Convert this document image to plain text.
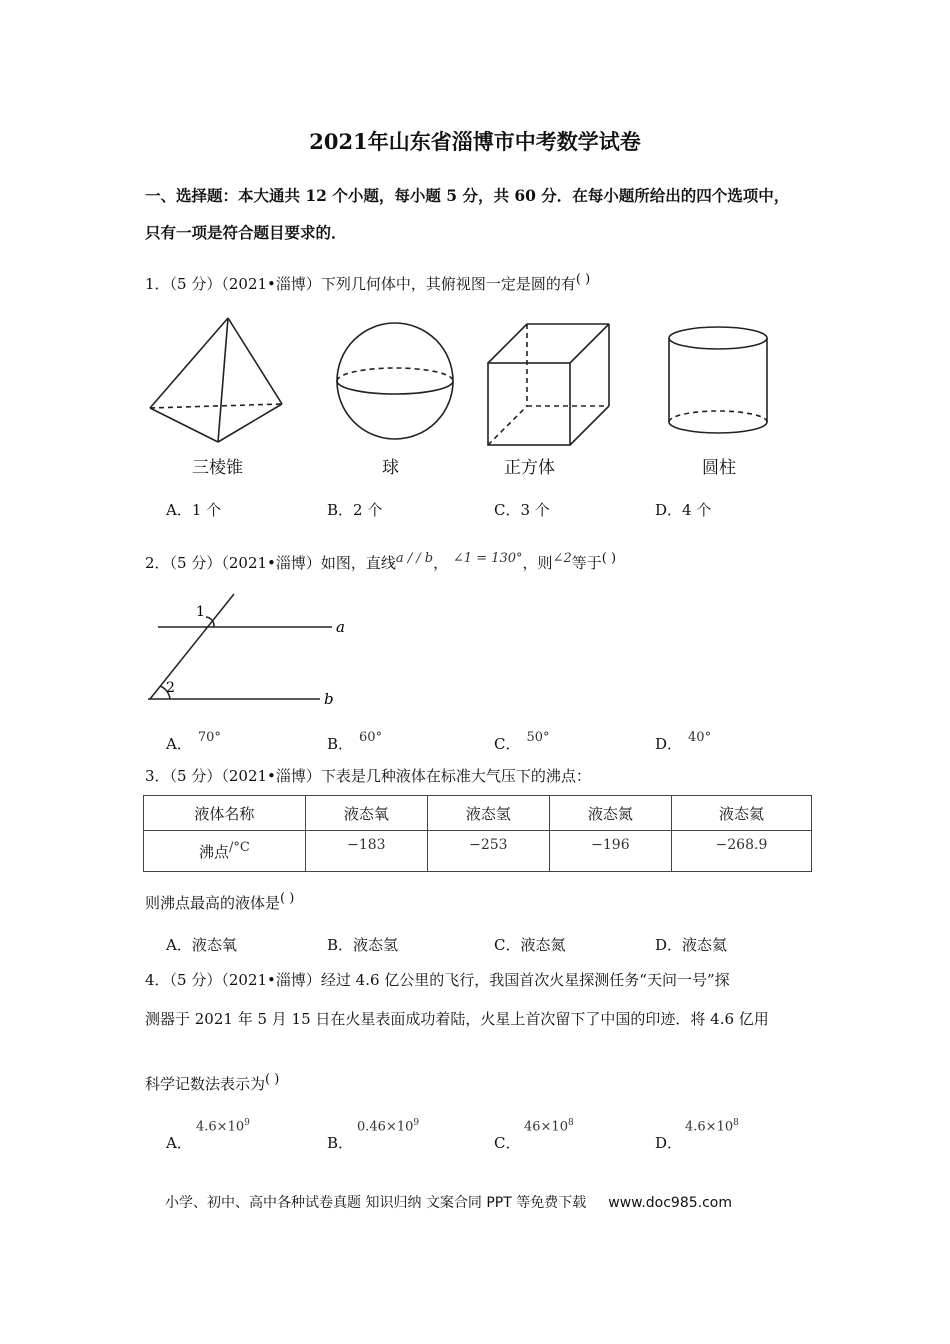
2021年山东省淄博市中考数学试卷
一、选择题：本大通共 12 个小题，每小题 5 分，共 60 分．在每小题所给出的四个选项中，
只有一项是符合题目要求的．
1．（5 分）（2021•淄博）下列几何体中，其俯视图一定是圆的有( )
三棱锥	球	正方体	圆柱
A．1 个	B．2 个	C．3 个	D．4 个
2．（5 分）（2021•淄博）如图，直线a / / b， ∠1 = 130°，则∠2等于( )
1
2
a
b
A． 70°	B． 60°	C． 50°	D． 40°
3．（5 分）（2021•淄博）下表是几种液体在标准大气压下的沸点：
液体名称	液态氧	液态氢	液态氮	液态氦
沸点/°C	−183	−253	−196	−268.9
则沸点最高的液体是( )
A．液态氧	B．液态氢	C．液态氮	D．液态氦
4．（5 分）（2021•淄博）经过 4.6 亿公里的飞行，我国首次火星探测任务“天问一号”探
测器于 2021 年 5 月 15 日在火星表面成功着陆，火星上首次留下了中国的印迹．将 4.6 亿用
科学记数法表示为( )
A．
$4.6\times 10^9$
B．
$0.46\times 10^9$
C．
$46\times 10^8$
D．
$4.6\times 10^8$
小学、初中、高中各种试卷真题 知识归纳 文案合同 PPT 等免费下载 www.doc985.com
